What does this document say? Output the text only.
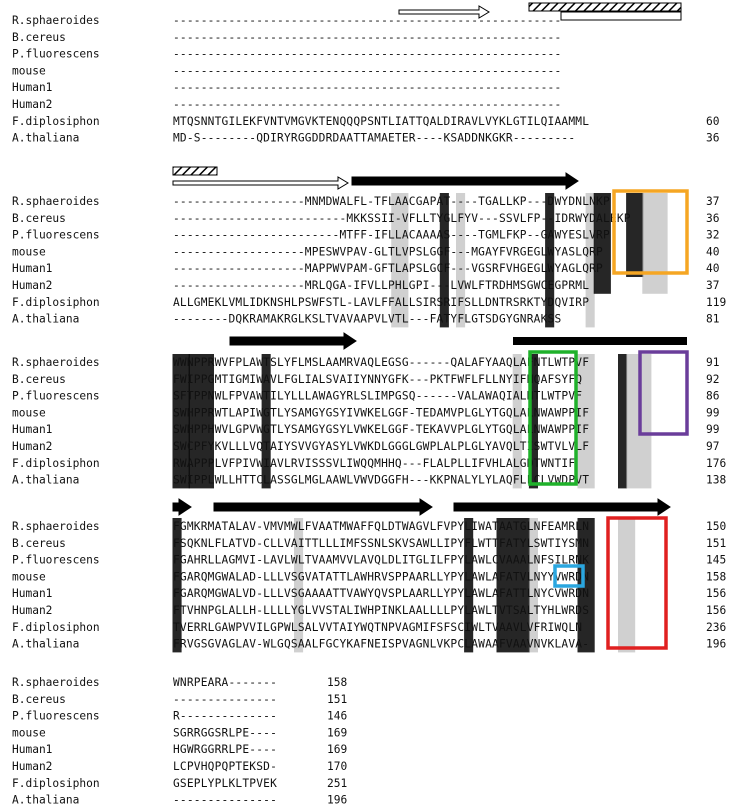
R.sphaeroides	--------------------------------------------------------
B.cereus	--------------------------------------------------------
P.fluorescens	--------------------------------------------------------
mouse	--------------------------------------------------------
Human1	--------------------------------------------------------
Human2	--------------------------------------------------------
F.diplosiphon	MTQSNNTGILEKFVNTVMGVKTENQQQPSNTLIATTQALDIRAVLVYKLGTILQIAAMML	60
A.thaliana	MD-S--------QDIRYRGGDDRDAATTAMAETER----KSADDNKGKR---------	36
R.sphaeroides	-------------------MNMDWALFL-TFLAACGAPAT----TGALLKP---DWYDNLNKP	37
B.cereus	-------------------------MKKSSII-VFLLTYGLFYV---SSVLFP--IDRWYDALEKP	36
P.fluorescens	------------------------MTFF-IFLLACAAAAS----TGMLFKP--GAWYESLVRP	32
mouse	-------------------MPESWVPAV-GLTLVPSLGGF---MGAYFVRGEGLWYASLQRP	40
Human1	-------------------MAPPWVPAM-GFTLAPSLGCF---VGSRFVHGEGLWYAGLQRP	40
Human2	-------------------MRLQGA-IFVLLPHLGPI---LVWLFTRDHMSGWCEGPRML	37
F.diplosiphon	ALLGMEKLVMLIDKNSHLPSWFSTL-LAVLFFALLSIRSRIFSLLDNTRSRKTYDQVIRP	119
A.thaliana	--------DQKRAMAKRGLKSLTVAVAAPVLVTL---FATYFLGTSDGYGNRAKSS	81
R.sphaeroides	WWNPPRWVFPLAWTSLYFLMSLAAMRVAQLEGSG------QALAFYAAQLAFNTLWTPVF	91
B.cereus	FWIPPGMTIGMIWAVLFGLIALSVAIIYNNYGFK---PKTFWFLFLLNYIFNQAFSYFQ	92
P.fluorescens	SFTPPNWLFPVAWTILYLLLAWAGYRLSLIMPGSQ------VALAWAQIALNTLWTPVF	86
mouse	SWHPPRWTLAPIWGTLYSAMGYGSYIVWKELGGF-TEDAMVPLGLYTGQLALNWAWPPIF	99
Human1	SWHPPHWVLGPVWGTLYSAMGYGSYLVWKELGGF-TEKAVVPLGLYTGQLALNWAWPPIF	99
Human2	SWCPFYKVLLLVQTAIYSVVGYASYLVWKDLGGGLGWPLALPLGLYAVQLTISWTVLVLF	97
F.diplosiphon	RWAPPPLVFPIVWIAVLRVISSSVLIWQQMHHQ---FLALPLLIFVHLALGDTWNTIF	176
A.thaliana	SWIPPLWLLHTTCLASSGLMGLAAWLVWVDGGFH---KKPNALYLYLAQFLLCLVWDPVT	138
R.sphaeroides	FGMKRMATALAV-VMVMWLFVAATMWAFFQLDTWAGVLFVPYLIWATAATGLNFEAMRLN	150
B.cereus	FSQKNLFLATVD-CLLVAITTLLLIMFSSNLSKVSAWLLIPYFLWTTFATYLSWTIYSMN	151
P.fluorescens	FGAHRLLAGMVI-LAVLWLTVAAMVVLAVQLDLITGLILFPYLAWLCVAAALNFSILRNK	145
mouse	FGARQMGWALAD-LLLVSGVATATTLAWHRVSPPAARLLYPYLAWLAFATVLNYYVWRDN	158
Human1	FGARQMGWALVD-LLLVSGAAAATTVAWYQVSPLAARLLYPYLAWLAFATTLNYCVWRDN	156
Human2	FTVHNPGLALLH-LLLLYGLVVSTALIWHPINKLAALLLLPYLAWLTVTSALTYHLWRDS	156
F.diplosiphon	TVERRLGAWPVVILGPWLSALVVTAIYWQTNPVAGMIFSFSCIWLTVAAVLVFRIWQLN	236
A.thaliana	FRVGSGVAGLAV-WLGQSAALFGCYKAFNEISPVAGNLVKPCLAWAAFVAAVNVKLAVA-	196
R.sphaeroides	WNRPEARA-------	158
B.cereus	---------------	151
P.fluorescens	R--------------	146
mouse	SGRRGGSRLPE----	169
Human1	HGWRGGRRLPE----	169
Human2	LCPVHQPQPTEKSD-	170
F.diplosiphon	GSEPLYPLKLTPVEK	251
A.thaliana	---------------	196
